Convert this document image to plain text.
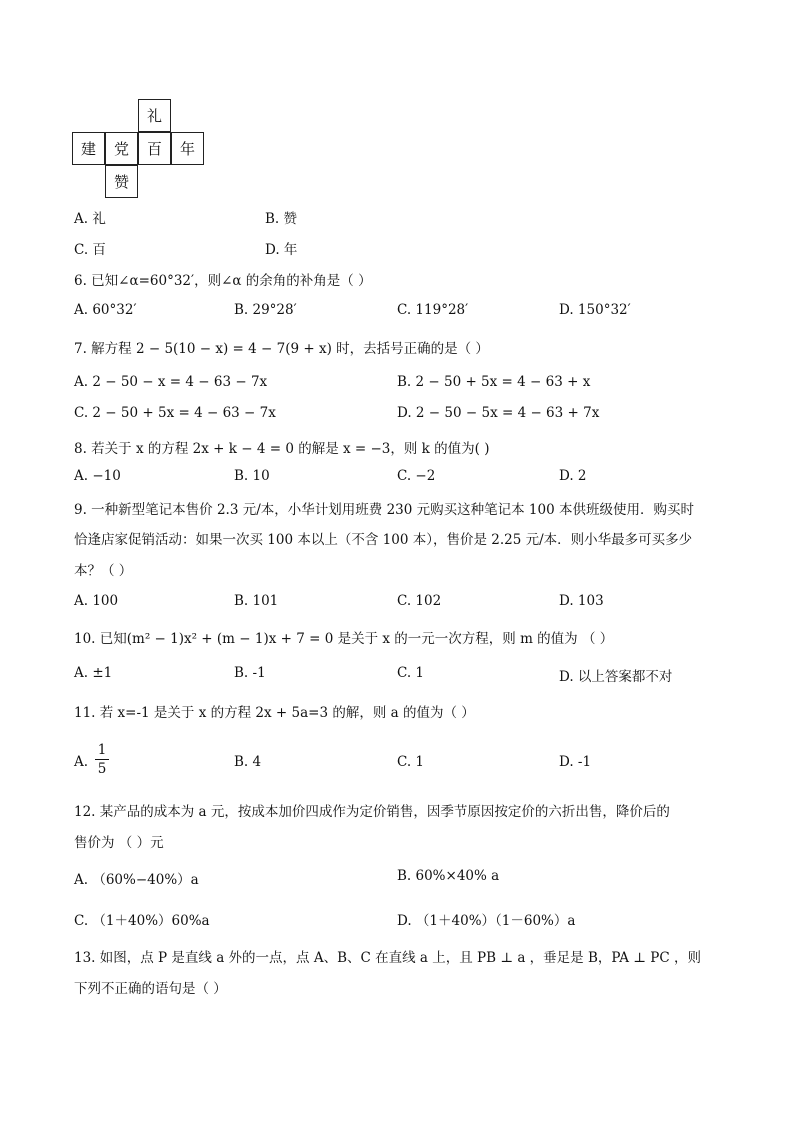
礼
建	党	百	年
赞
A. 礼	B. 赞
C. 百	D. 年
6. 已知∠α=60°32′，则∠α 的余角的补角是（ ）
A. 60°32′	B. 29°28′	C. 119°28′	D. 150°32′
7. 解方程 2 − 5(10 − x) = 4 − 7(9 + x) 时，去括号正确的是（ ）
A. 2 − 50 − x = 4 − 63 − 7x	B. 2 − 50 + 5x = 4 − 63 + x
C. 2 − 50 + 5x = 4 − 63 − 7x	D. 2 − 50 − 5x = 4 − 63 + 7x
8. 若关于 x 的方程 2x + k − 4 = 0 的解是 x = −3，则 k 的值为( )
A. −10	B. 10	C. −2	D. 2
9. 一种新型笔记本售价 2.3 元/本，小华计划用班费 230 元购买这种笔记本 100 本供班级使用．购买时
恰逢店家促销活动：如果一次买 100 本以上（不含 100 本），售价是 2.25 元/本．则小华最多可买多少
本？（ ）
A. 100	B. 101	C. 102	D. 103
10. 已知(m² − 1)x² + (m − 1)x + 7 = 0 是关于 x 的一元一次方程，则 m 的值为 （ ）
A. ±1	B. -1	C. 1	D. 以上答案都不对
11. 若 x=-1 是关于 x 的方程 2x + 5a=3 的解，则 a 的值为（ ）
A.
1
5	B. 4	C. 1	D. -1
12. 某产品的成本为 a 元，按成本加价四成作为定价销售，因季节原因按定价的六折出售，降价后的
售价为 （ ）元
A. （60%−40%）a	B. 60%×40% a
C. （1＋40%）60%a	D. （1＋40%）（1－60%）a
13. 如图，点 P 是直线 a 外的一点，点 A、B、C 在直线 a 上，且 PB ⊥ a ，垂足是 B，PA ⊥ PC ，则
下列不正确的语句是（ ）
